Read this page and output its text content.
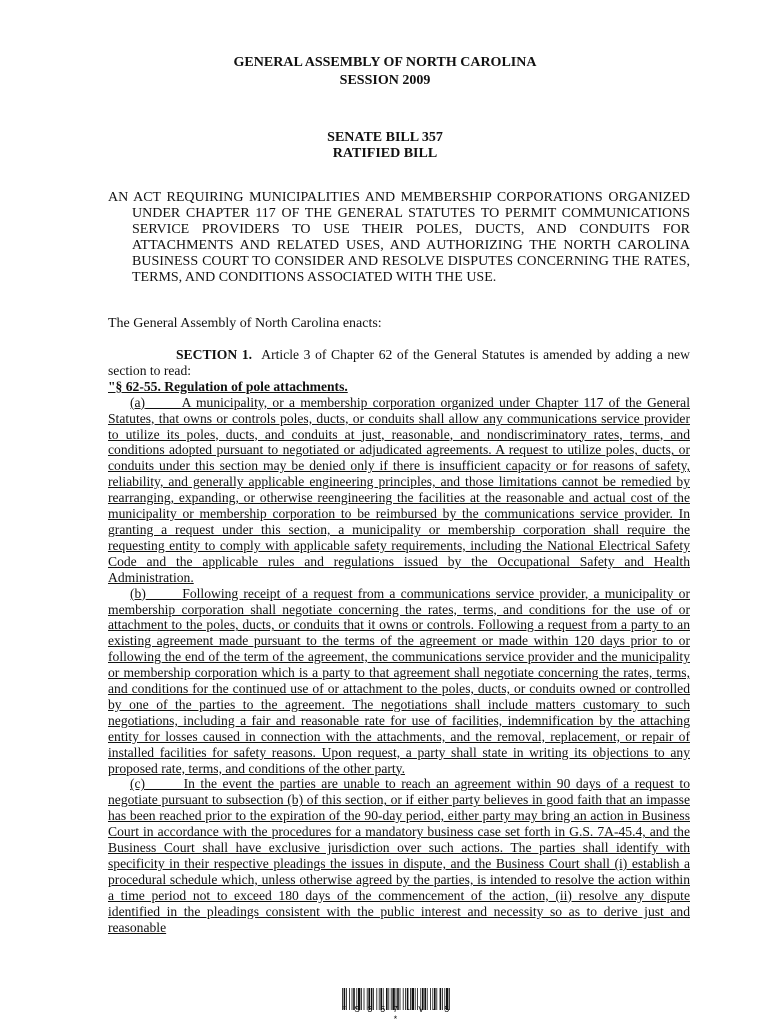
GENERAL ASSEMBLY OF NORTH CAROLINA
SESSION 2009
SENATE BILL 357
RATIFIED BILL
AN ACT REQUIRING MUNICIPALITIES AND MEMBERSHIP CORPORATIONS ORGANIZED UNDER CHAPTER 117 OF THE GENERAL STATUTES TO PERMIT COMMUNICATIONS SERVICE PROVIDERS TO USE THEIR POLES, DUCTS, AND CONDUITS FOR ATTACHMENTS AND RELATED USES, AND AUTHORIZING THE NORTH CAROLINA BUSINESS COURT TO CONSIDER AND RESOLVE DISPUTES CONCERNING THE RATES, TERMS, AND CONDITIONS ASSOCIATED WITH THE USE.
The General Assembly of North Carolina enacts:

SECTION 1. Article 3 of Chapter 62 of the General Statutes is amended by adding a new section to read:

"§ 62-55. Regulation of pole attachments.

(a)	A municipality, or a membership corporation organized under Chapter 117 of the General Statutes, that owns or controls poles, ducts, or conduits shall allow any communications service provider to utilize its poles, ducts, and conduits at just, reasonable, and nondiscriminatory rates, terms, and conditions adopted pursuant to negotiated or adjudicated agreements. A request to utilize poles, ducts, or conduits under this section may be denied only if there is insufficient capacity or for reasons of safety, reliability, and generally applicable engineering principles, and those limitations cannot be remedied by rearranging, expanding, or otherwise reengineering the facilities at the reasonable and actual cost of the municipality or membership corporation to be reimbursed by the communications service provider. In granting a request under this section, a municipality or membership corporation shall require the requesting entity to comply with applicable safety requirements, including the National Electrical Safety Code and the applicable rules and regulations issued by the Occupational Safety and Health Administration.

(b)	Following receipt of a request from a communications service provider, a municipality or membership corporation shall negotiate concerning the rates, terms, and conditions for the use of or attachment to the poles, ducts, or conduits that it owns or controls. Following a request from a party to an existing agreement made pursuant to the terms of the agreement or made within 120 days prior to or following the end of the term of the agreement, the communications service provider and the municipality or membership corporation which is a party to that agreement shall negotiate concerning the rates, terms, and conditions for the continued use of or attachment to the poles, ducts, or conduits owned or controlled by one of the parties to the agreement. The negotiations shall include matters customary to such negotiations, including a fair and reasonable rate for use of facilities, indemnification by the attaching entity for losses caused in connection with the attachments, and the removal, replacement, or repair of installed facilities for safety reasons. Upon request, a party shall state in writing its objections to any proposed rate, terms, and conditions of the other party.

(c)	In the event the parties are unable to reach an agreement within 90 days of a request to negotiate pursuant to subsection (b) of this section, or if either party believes in good faith that an impasse has been reached prior to the expiration of the 90-day period, either party may bring an action in Business Court in accordance with the procedures for a mandatory business case set forth in G.S. 7A-45.4, and the Business Court shall have exclusive jurisdiction over such actions. The parties shall identify with specificity in their respective pleadings the issues in dispute, and the Business Court shall (i) establish a procedural schedule which, unless otherwise agreed by the parties, is intended to resolve the action within a time period not to exceed 180 days of the commencement of the action, (ii) resolve any dispute identified in the pleadings consistent with the public interest and necessity so as to derive just and reasonable

* S 3 5 7 - V - 5 *
